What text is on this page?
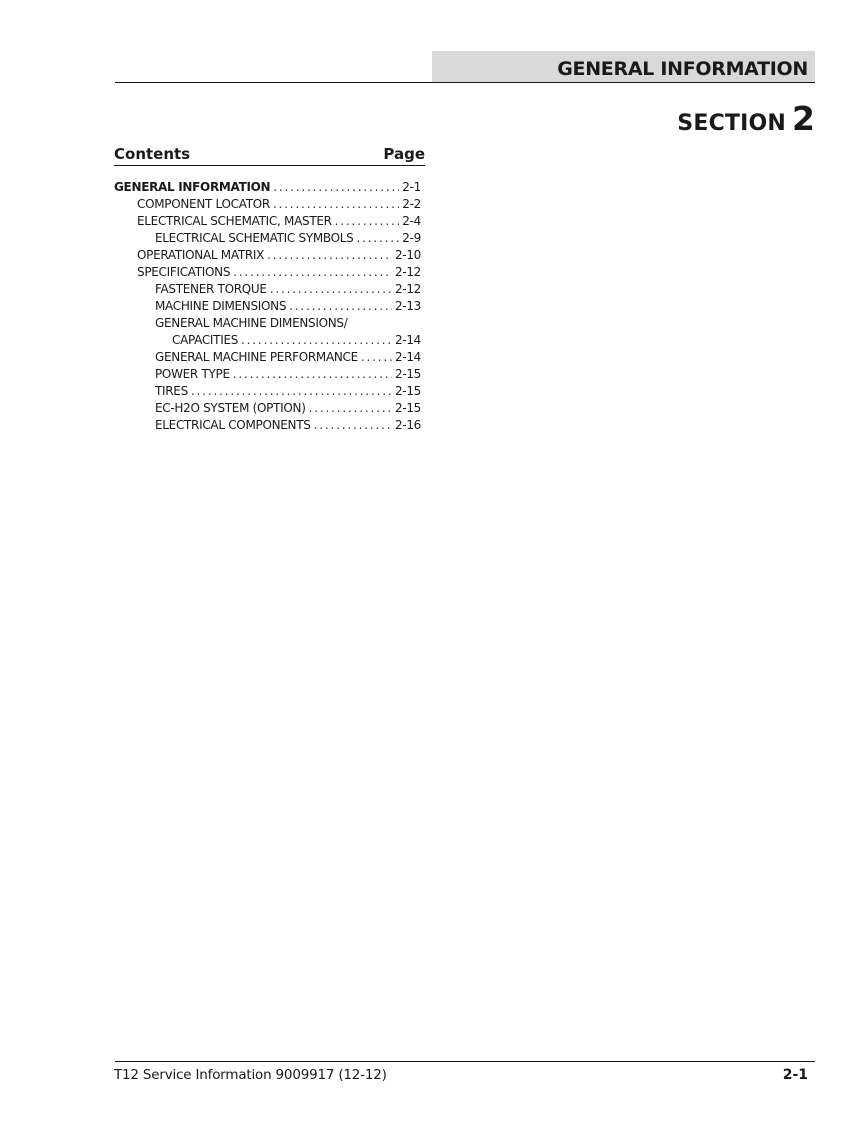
GENERAL INFORMATION
SECTION 2
Contents	Page
GENERAL INFORMATION . . .	2-1
COMPONENT LOCATOR . . .	2-2
ELECTRICAL SCHEMATIC, MASTER . . .	2-4
ELECTRICAL SCHEMATIC SYMBOLS . . .	2-9
OPERATIONAL MATRIX . . .	2-10
SPECIFICATIONS . . .	2-12
FASTENER TORQUE . . .	2-12
MACHINE DIMENSIONS . . .	2-13
GENERAL MACHINE DIMENSIONS/
CAPACITIES . . .	2-14
GENERAL MACHINE PERFORMANCE . . .	2-14
POWER TYPE . . .	2-15
TIRES . . .	2-15
EC-H2O SYSTEM (OPTION) . . .	2-15
ELECTRICAL COMPONENTS . . .	2-16
T12 Service Information 9009917 (12-12)	2-1
